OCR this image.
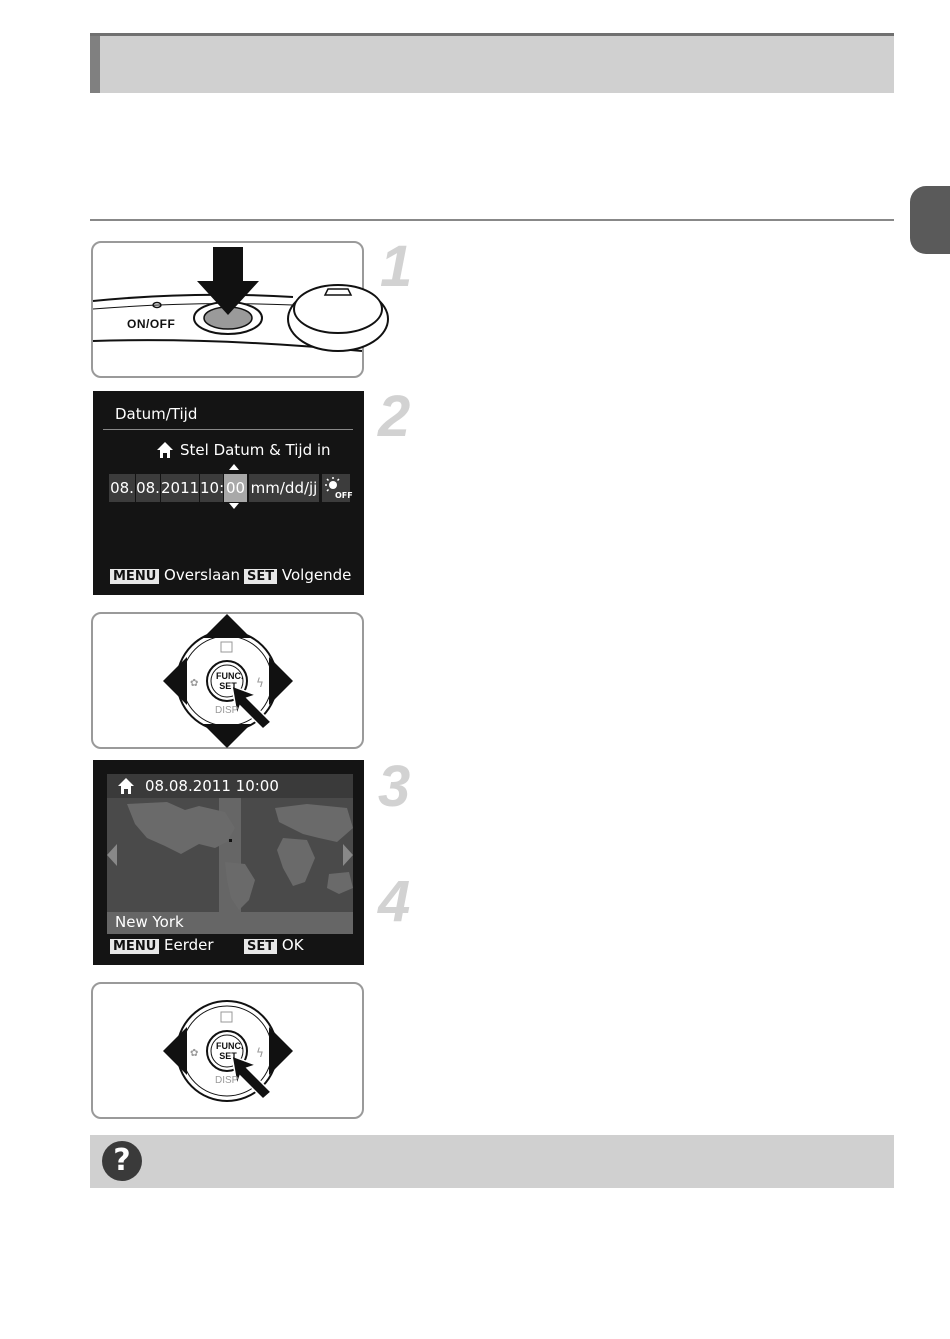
1
2
3
4
ON/OFF
Datum/Tijd
Stel Datum & Tijd in
08. 08. 2011 10: 00 mm/dd/jj OFF
MENU Overslaan SET Volgende
✿	ϟ
FUNC.
SET
DISP
08.08.2011 10:00
New York
MENU Eerder	SET OK
✿	ϟ
FUNC.
SET
DISP
?
